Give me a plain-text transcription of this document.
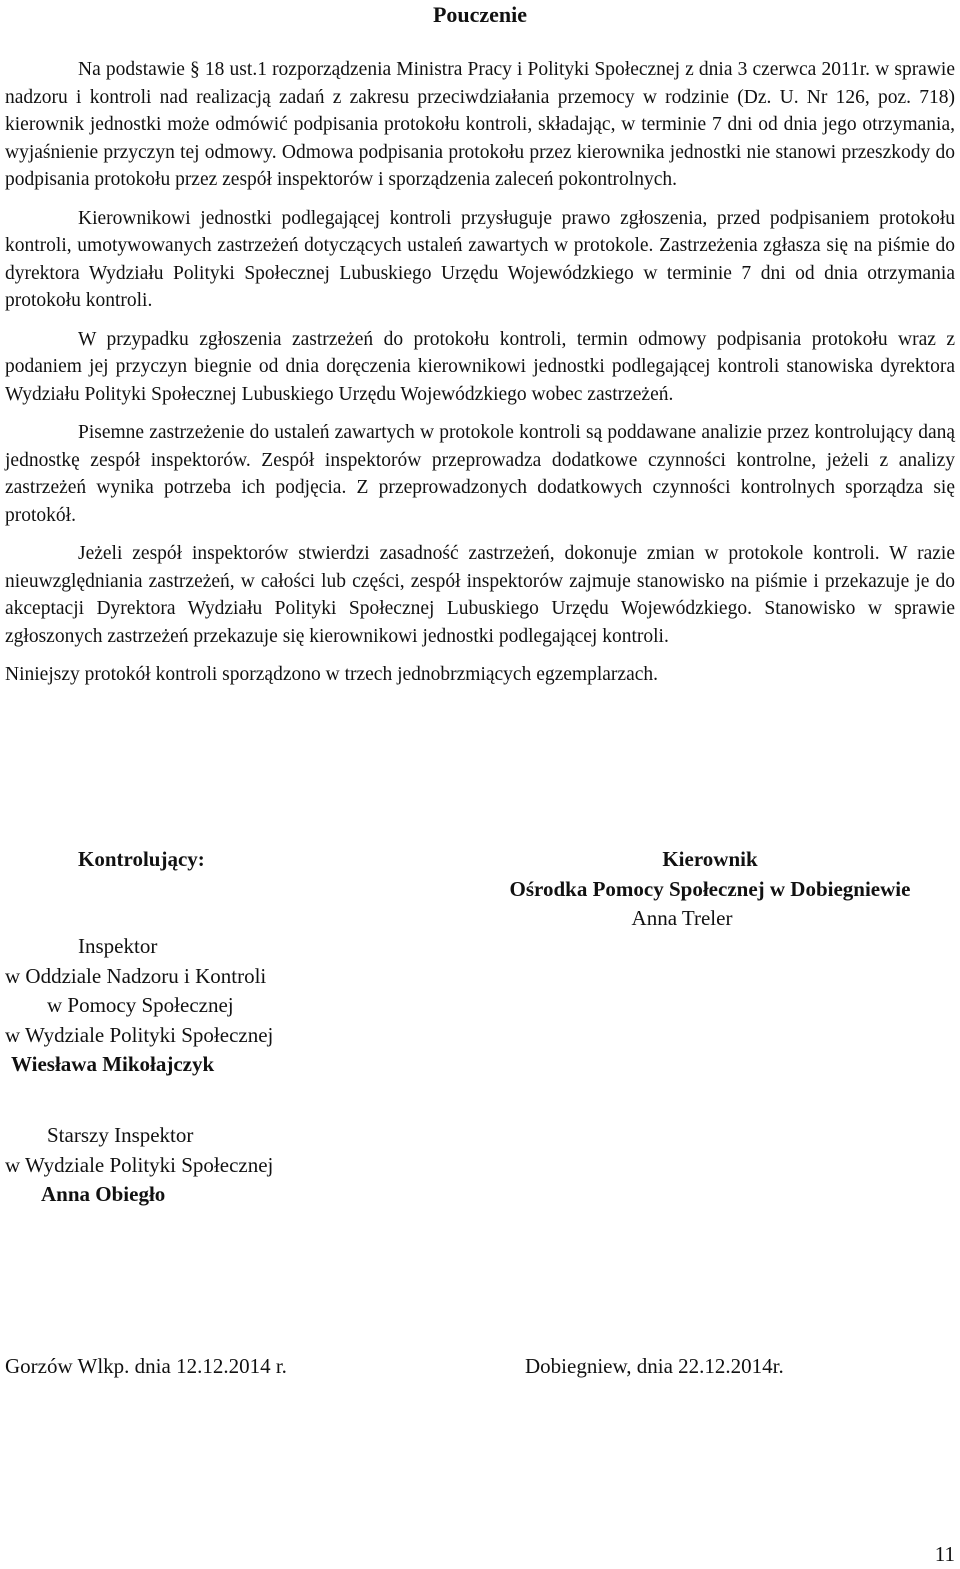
Pouczenie

Na podstawie § 18 ust.1 rozporządzenia Ministra Pracy i Polityki Społecznej z dnia 3 czerwca 2011r. w sprawie nadzoru i kontroli nad realizacją zadań z zakresu przeciwdziałania przemocy w rodzinie (Dz. U. Nr 126, poz. 718) kierownik jednostki może odmówić podpisania protokołu kontroli, składając, w terminie 7 dni od dnia jego otrzymania, wyjaśnienie przyczyn tej odmowy. Odmowa podpisania protokołu przez kierownika jednostki nie stanowi przeszkody do podpisania protokołu przez zespół inspektorów i sporządzenia zaleceń pokontrolnych.

Kierownikowi jednostki podlegającej kontroli przysługuje prawo zgłoszenia, przed podpisaniem protokołu kontroli, umotywowanych zastrzeżeń dotyczących ustaleń zawartych w protokole. Zastrzeżenia zgłasza się na piśmie do dyrektora Wydziału Polityki Społecznej Lubuskiego Urzędu Wojewódzkiego w terminie 7 dni od dnia otrzymania protokołu kontroli.

W przypadku zgłoszenia zastrzeżeń do protokołu kontroli, termin odmowy podpisania protokołu wraz z podaniem jej przyczyn biegnie od dnia doręczenia kierownikowi jednostki podlegającej kontroli stanowiska dyrektora Wydziału Polityki Społecznej Lubuskiego Urzędu Wojewódzkiego wobec zastrzeżeń.

Pisemne zastrzeżenie do ustaleń zawartych w protokole kontroli są poddawane analizie przez kontrolujący daną jednostkę zespół inspektorów. Zespół inspektorów przeprowadza dodatkowe czynności kontrolne, jeżeli z analizy zastrzeżeń wynika potrzeba ich podjęcia. Z przeprowadzonych dodatkowych czynności kontrolnych sporządza się protokół.

Jeżeli zespół inspektorów stwierdzi zasadność zastrzeżeń, dokonuje zmian w protokole kontroli. W razie nieuwzględniania zastrzeżeń, w całości lub części, zespół inspektorów zajmuje stanowisko na piśmie i przekazuje je do akceptacji Dyrektora Wydziału Polityki Społecznej Lubuskiego Urzędu Wojewódzkiego. Stanowisko w sprawie zgłoszonych zastrzeżeń przekazuje się kierownikowi jednostki podlegającej kontroli.

Niniejszy protokół kontroli sporządzono w trzech jednobrzmiących egzemplarzach.

Kontrolujący:
Inspektor
w Oddziale Nadzoru i Kontroli
w Pomocy Społecznej
w Wydziale Polityki Społecznej
Wiesława Mikołajczyk
Starszy Inspektor
w Wydziale Polityki Społecznej
Anna Obiegło
Kierownik
Ośrodka Pomocy Społecznej w Dobiegniewie
Anna Treler
Gorzów Wlkp. dnia 12.12.2014 r.	Dobiegniew, dnia 22.12.2014r.
11
